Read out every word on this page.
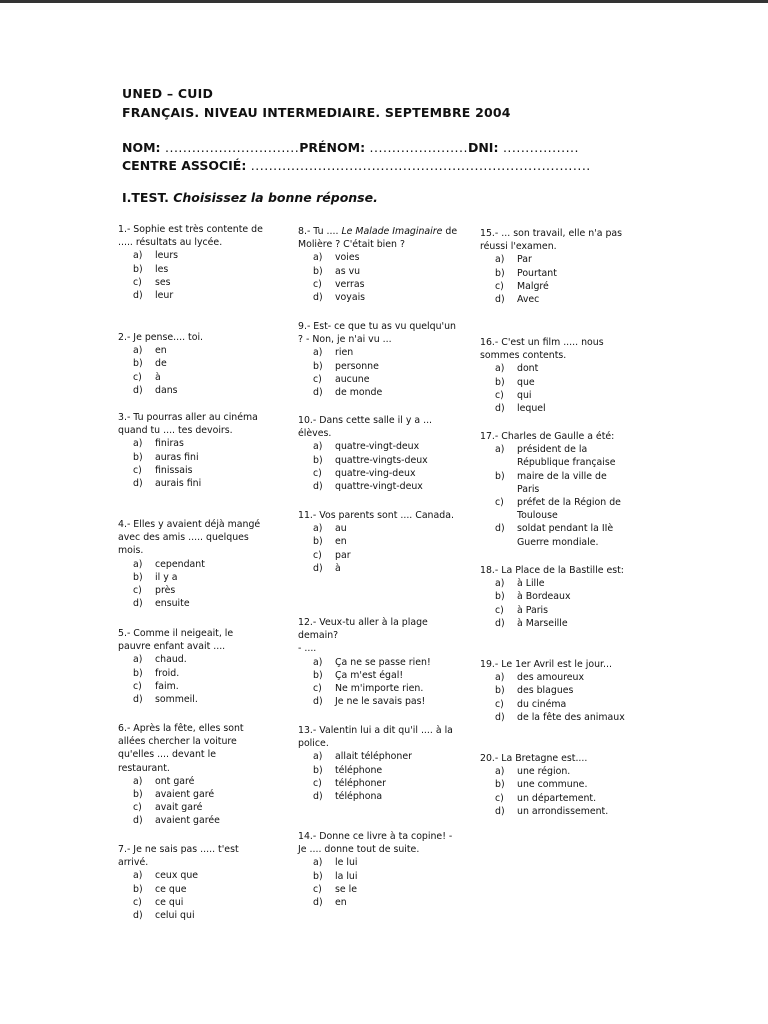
UNED – CUID
FRANÇAIS. NIVEAU INTERMEDIAIRE. SEPTEMBRE 2004
NOM: ..............................PRÉNOM: ......................DNI: .................
CENTRE ASSOCIÉ: ............................................................................
I.TEST. Choisissez la bonne réponse.
1.- Sophie est très contente de ..... résultats au lycée.
a) leurs
b) les
c) ses
d) leur
2.- Je pense.... toi.
a) en
b) de
c) à
d) dans
3.- Tu pourras aller au cinéma quand tu .... tes devoirs.
a) finiras
b) auras fini
c) finissais
d) aurais fini
4.- Elles y avaient déjà mangé avec des amis ..... quelques mois.
a) cependant
b) il y a
c) près
d) ensuite
5.- Comme il neigeait, le pauvre enfant avait ....
a) chaud.
b) froid.
c) faim.
d) sommeil.
6.- Après la fête, elles sont allées chercher la voiture qu'elles .... devant le restaurant.
a) ont garé
b) avaient garé
c) avait garé
d) avaient garée
7.- Je ne sais pas ..... t'est arrivé.
a) ceux que
b) ce que
c) ce qui
d) celui qui
8.- Tu .... Le Malade Imaginaire de Molière ? C'était bien ?
a) voies
b) as vu
c) verras
d) voyais
9.- Est- ce que tu as vu quelqu'un ? - Non, je n'ai vu ...
a) rien
b) personne
c) aucune
d) de monde
10.- Dans cette salle il y a ... élèves.
a) quatre-vingt-deux
b) quattre-vingts-deux
c) quatre-ving-deux
d) quattre-vingt-deux
11.- Vos parents sont .... Canada.
a) au
b) en
c) par
d) à
12.- Veux-tu aller à la plage demain?
- ....
a) Ça ne se passe rien!
b) Ça m'est égal!
c) Ne m'importe rien.
d) Je ne le savais pas!
13.- Valentin lui a dit qu'il .... à la police.
a) allait téléphoner
b) téléphone
c) téléphoner
d) téléphona
14.- Donne ce livre à ta copine! - Je .... donne tout de suite.
a) le lui
b) la lui
c) se le
d) en
15.- ... son travail, elle n'a pas réussi l'examen.
a) Par
b) Pourtant
c) Malgré
d) Avec
16.- C'est un film ..... nous sommes contents.
a) dont
b) que
c) qui
d) lequel
17.- Charles de Gaulle a été:
a) président de la République française
b) maire de la ville de Paris
c) préfet de la Région de Toulouse
d) soldat pendant la IIè Guerre mondiale.
18.- La Place de la Bastille est:
a) à Lille
b) à Bordeaux
c) à Paris
d) à Marseille
19.- Le 1er Avril est le jour...
a) des amoureux
b) des blagues
c) du cinéma
d) de la fête des animaux
20.- La Bretagne est....
a) une région.
b) une commune.
c) un département.
d) un arrondissement.
